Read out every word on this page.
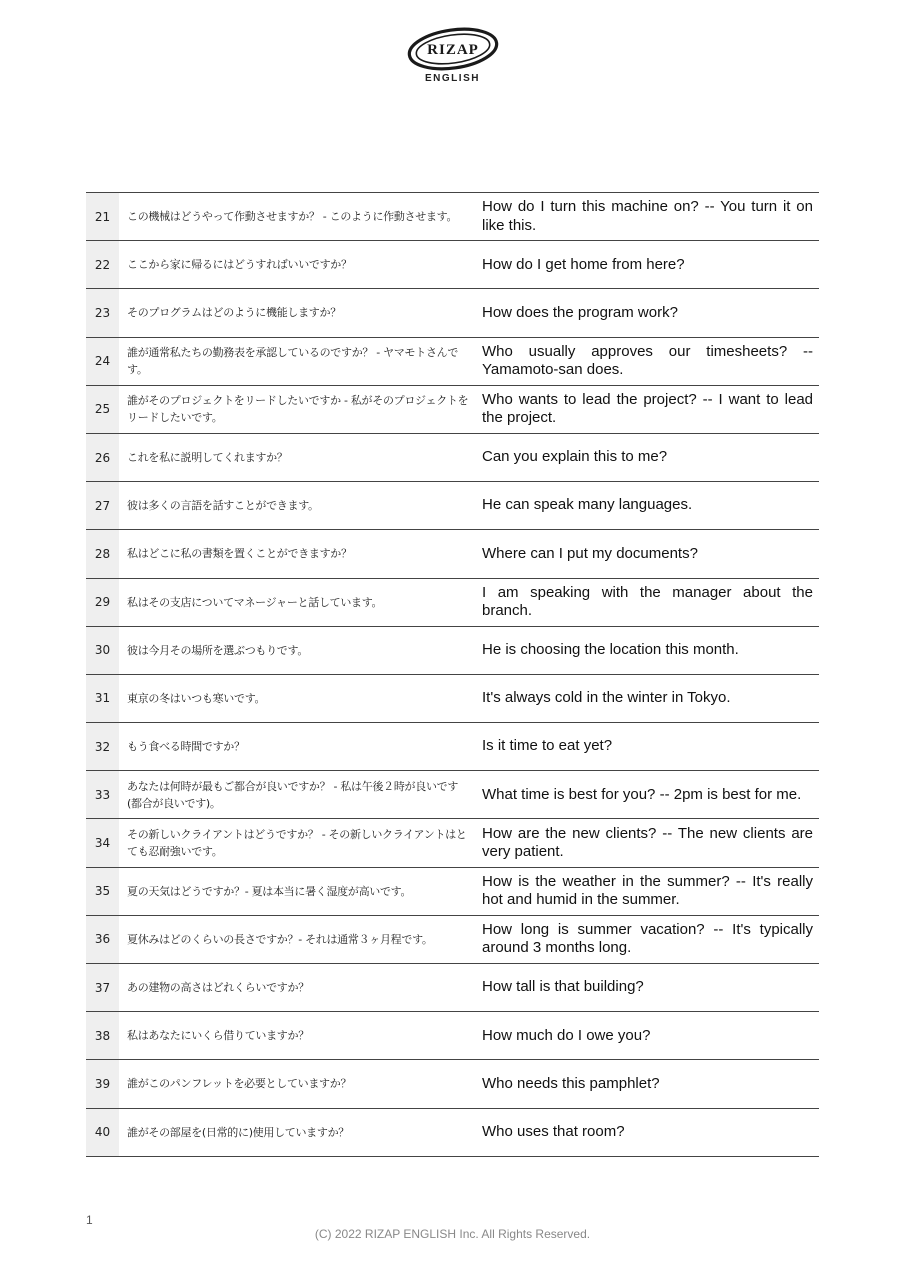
RIZAP
ENGLISH
21	この機械はどうやって作動させますか？ - このように作動させます。	How do I turn this machine on? -- You turn it on like this.
22	ここから家に帰るにはどうすればいいですか？	How do I get home from here?
23	そのプログラムはどのように機能しますか？	How does the program work?
24	誰が通常私たちの勤務表を承認しているのですか？ - ヤマモトさんです。	Who usually approves our timesheets? -- Yamamoto-san does.
25	誰がそのプロジェクトをリードしたいですか - 私がそのプロジェクトをリードしたいです。	Who wants to lead the project? -- I want to lead the project.
26	これを私に説明してくれますか？	Can you explain this to me?
27	彼は多くの言語を話すことができます。	He can speak many languages.
28	私はどこに私の書類を置くことができますか？	Where can I put my documents?
29	私はその支店についてマネージャーと話しています。	I am speaking with the manager about the branch.
30	彼は今月その場所を選ぶつもりです。	He is choosing the location this month.
31	東京の冬はいつも寒いです。	It's always cold in the winter in Tokyo.
32	もう食べる時間ですか？	Is it time to eat yet?
33	あなたは何時が最もご都合が良いですか？ - 私は午後２時が良いです(都合が良いです)。	What time is best for you? -- 2pm is best for me.
34	その新しいクライアントはどうですか？ - その新しいクライアントはとても忍耐強いです。	How are the new clients? -- The new clients are very patient.
35	夏の天気はどうですか？- 夏は本当に暑く湿度が高いです。	How is the weather in the summer? -- It's really hot and humid in the summer.
36	夏休みはどのくらいの長さですか？- それは通常３ヶ月程です。	How long is summer vacation? -- It's typically around 3 months long.
37	あの建物の高さはどれくらいですか？	How tall is that building?
38	私はあなたにいくら借りていますか？	How much do I owe you?
39	誰がこのパンフレットを必要としていますか？	Who needs this pamphlet?
40	誰がその部屋を(日常的に)使用していますか？	Who uses that room?
1
(C) 2022 RIZAP ENGLISH Inc. All Rights Reserved.
